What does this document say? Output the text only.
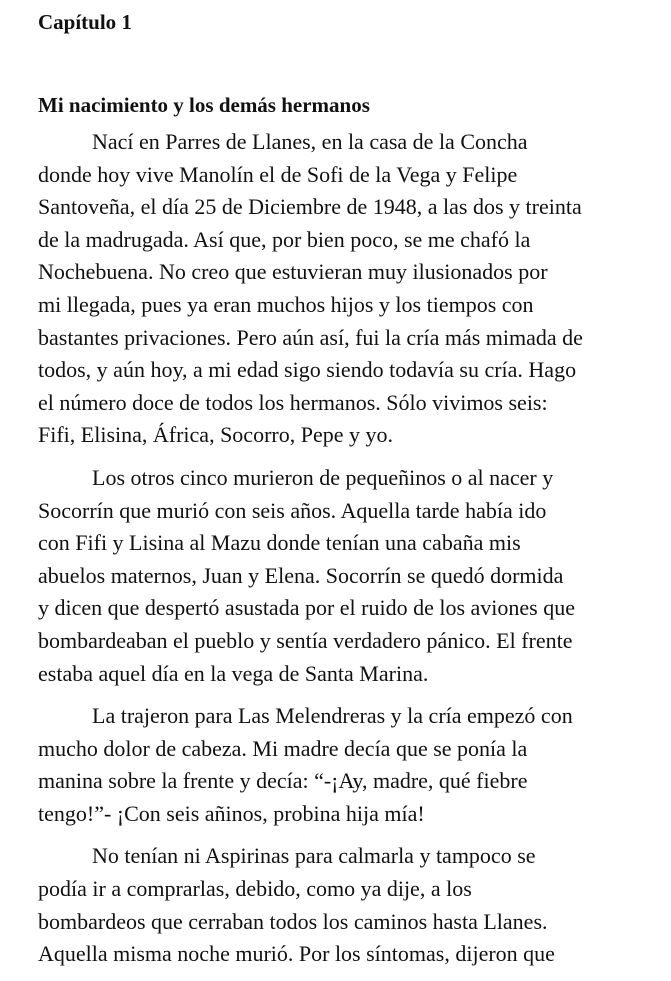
Capítulo 1
Mi nacimiento y los demás hermanos

Nací en Parres de Llanes, en la casa de la Concha
donde hoy vive Manolín el de Sofi de la Vega y Felipe
Santoveña, el día 25 de Diciembre de 1948, a las dos y treinta
de la madrugada. Así que, por bien poco, se me chafó la
Nochebuena. No creo que estuvieran muy ilusionados por
mi llegada, pues ya eran muchos hijos y los tiempos con
bastantes privaciones. Pero aún así, fui la cría más mimada de
todos, y aún hoy, a mi edad sigo siendo todavía su cría. Hago
el número doce de todos los hermanos. Sólo vivimos seis:
Fifi, Elisina, África, Socorro, Pepe y yo.

Los otros cinco murieron de pequeñinos o al nacer y
Socorrín que murió con seis años. Aquella tarde había ido
con Fifi y Lisina al Mazu donde tenían una cabaña mis
abuelos maternos, Juan y Elena. Socorrín se quedó dormida
y dicen que despertó asustada por el ruido de los aviones que
bombardeaban el pueblo y sentía verdadero pánico. El frente
estaba aquel día en la vega de Santa Marina.

La trajeron para Las Melendreras y la cría empezó con
mucho dolor de cabeza. Mi madre decía que se ponía la
manina sobre la frente y decía: “-¡Ay, madre, qué fiebre
tengo!”- ¡Con seis añinos, probina hija mía!

No tenían ni Aspirinas para calmarla y tampoco se
podía ir a comprarlas, debido, como ya dije, a los
bombardeos que cerraban todos los caminos hasta Llanes.
Aquella misma noche murió. Por los síntomas, dijeron que
